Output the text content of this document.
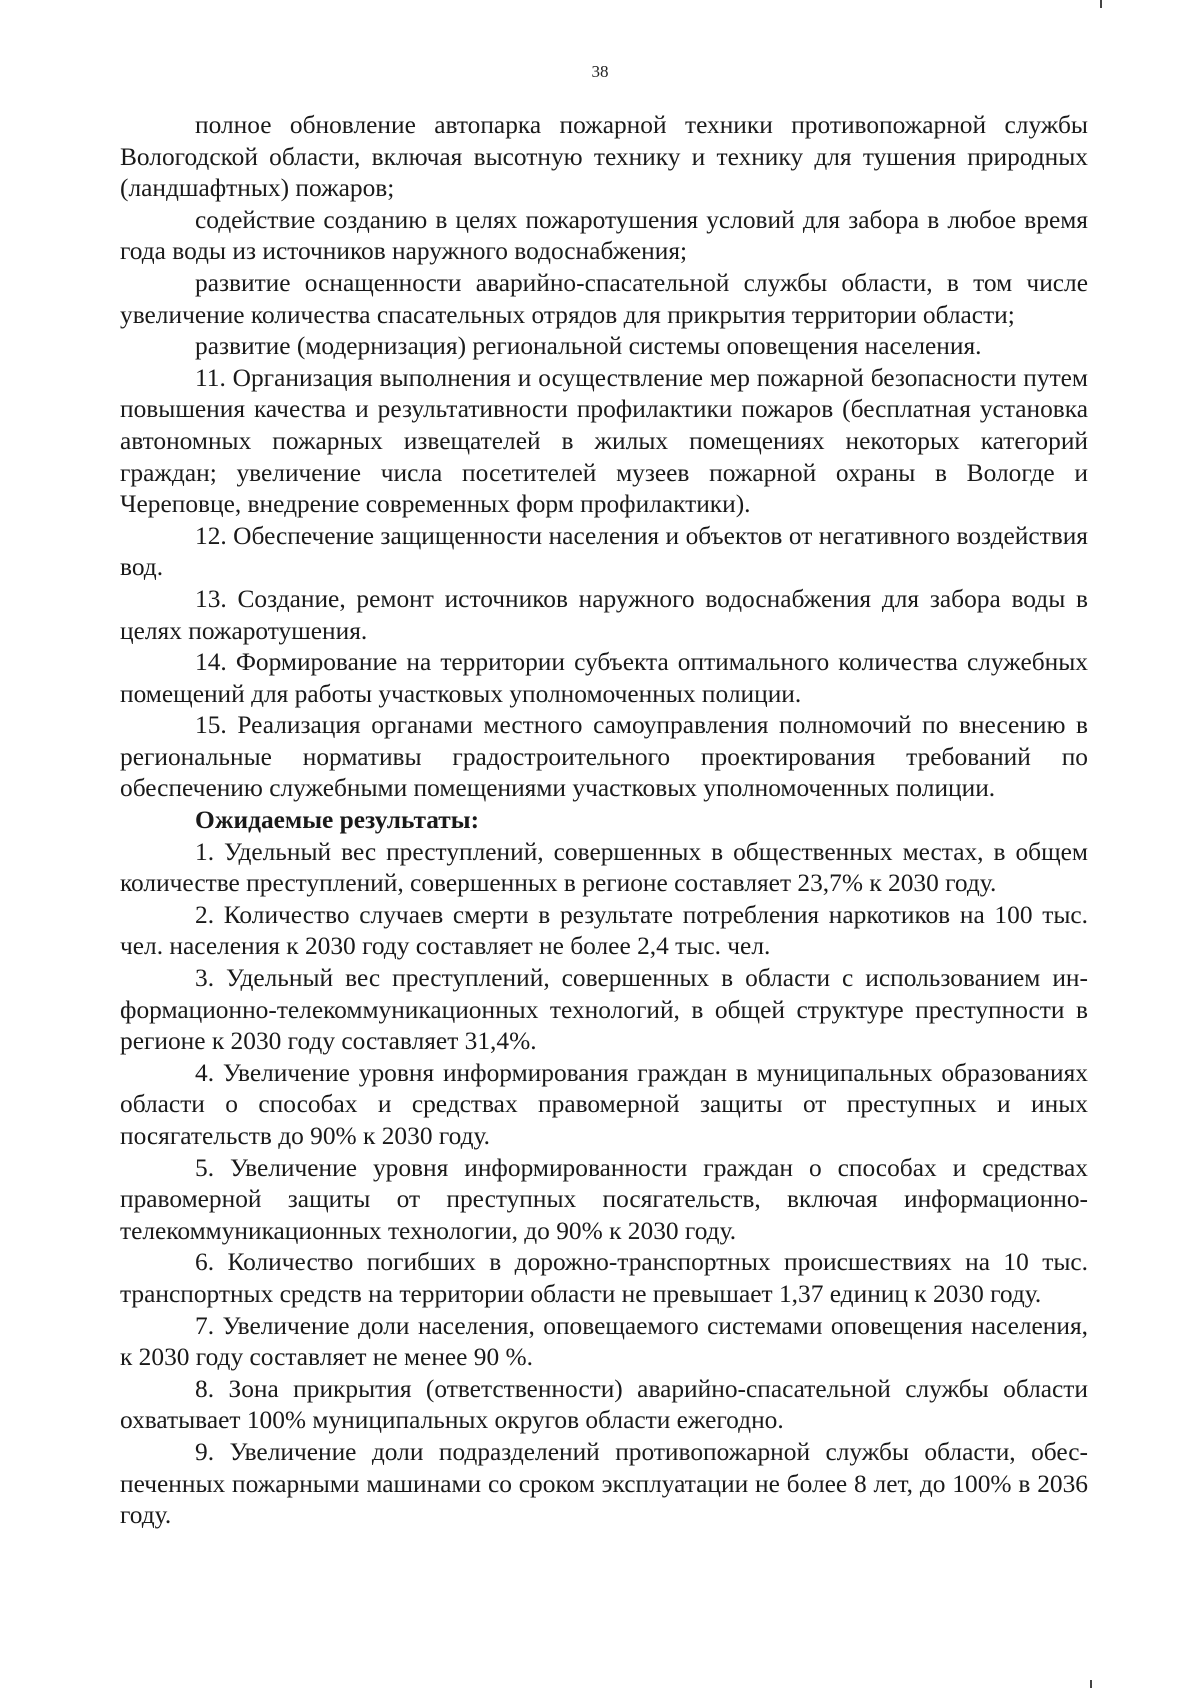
38

полное обновление автопарка пожарной техники противопожарной службы Вологодской области, включая высотную технику и технику для тушения природных (ландшафтных) пожаров;

содействие созданию в целях пожаротушения условий для забора в любое время года воды из источников наружного водоснабжения;

развитие оснащенности аварийно-спасательной службы области, в том числе увеличение количества спасательных отрядов для прикрытия территории области;

развитие (модернизация) региональной системы оповещения населения.

11. Организация выполнения и осуществление мер пожарной безопасности путем повышения качества и результативности профилактики пожаров (бесплатная установка автономных пожарных извещателей в жилых помещениях некоторых категорий граждан; увеличение числа посетителей музеев пожарной охраны в Вологде и Череповце, внедрение современных форм профилактики).

12. Обеспечение защищенности населения и объектов от негативного воздействия вод.

13. Создание, ремонт источников наружного водоснабжения для забора воды в целях пожаротушения.

14. Формирование на территории субъекта оптимального количества служебных помещений для работы участковых уполномоченных полиции.

15. Реализация органами местного самоуправления полномочий по внесению в региональные нормативы градостроительного проектирования требований по обеспечению служебными помещениями участковых уполномоченных полиции.

Ожидаемые результаты:

1. Удельный вес преступлений, совершенных в общественных местах, в общем количестве преступлений, совершенных в регионе составляет 23,7% к 2030 году.

2. Количество случаев смерти в результате потребления наркотиков на 100 тыс. чел. населения к 2030 году составляет не более 2,4 тыс. чел.

3. Удельный вес преступлений, совершенных в области с использованием информационно-телекоммуникационных технологий, в общей структуре преступности в регионе к 2030 году составляет 31,4%.

4. Увеличение уровня информирования граждан в муниципальных образованиях области о способах и средствах правомерной защиты от преступных и иных посягательств до 90% к 2030 году.

5. Увеличение уровня информированности граждан о способах и средствах правомерной защиты от преступных посягательств, включая информационно-телекоммуникационных технологии, до 90% к 2030 году.

6. Количество погибших в дорожно-транспортных происшествиях на 10 тыс. транспортных средств на территории области не превышает 1,37 единиц к 2030 году.

7. Увеличение доли населения, оповещаемого системами оповещения населения, к 2030 году составляет не менее 90 %.

8. Зона прикрытия (ответственности) аварийно-спасательной службы области охватывает 100% муниципальных округов области ежегодно.

9. Увеличение доли подразделений противопожарной службы области, обеспеченных пожарными машинами со сроком эксплуатации не более 8 лет, до 100% в 2036 году.
